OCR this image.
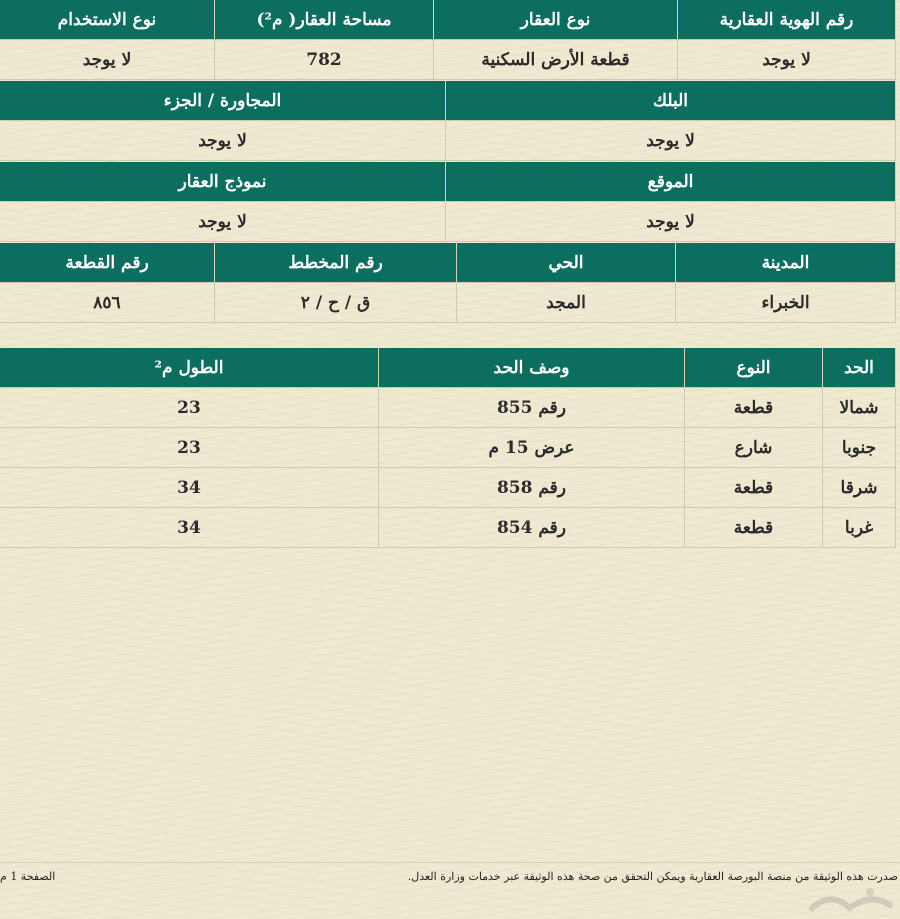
رقم الهوية العقارية	نوع العقار	مساحة العقار( م²)	نوع الاستخدام
لا يوجد	قطعة الأرض السكنية	782	لا يوجد
البلك	المجاورة / الجزء
لا يوجد	لا يوجد
الموقع	نموذج العقار
لا يوجد	لا يوجد
المدينة	الحي	رقم المخطط	رقم القطعة
الخبراء	المجد	ق / ح / ٢	٨٥٦
الحد	النوع	وصف الحد	الطول م²
شمالا	قطعة	رقم 855	23
جنوبا	شارع	عرض 15 م	23
شرقا	قطعة	رقم 858	34
غربا	قطعة	رقم 854	34
صدرت هذه الوثيقة من منصة البورصة العقارية ويمكن التحقق من صحة هذه الوثيقة عبر خدمات وزارة العدل.
الصفحة 1 م
